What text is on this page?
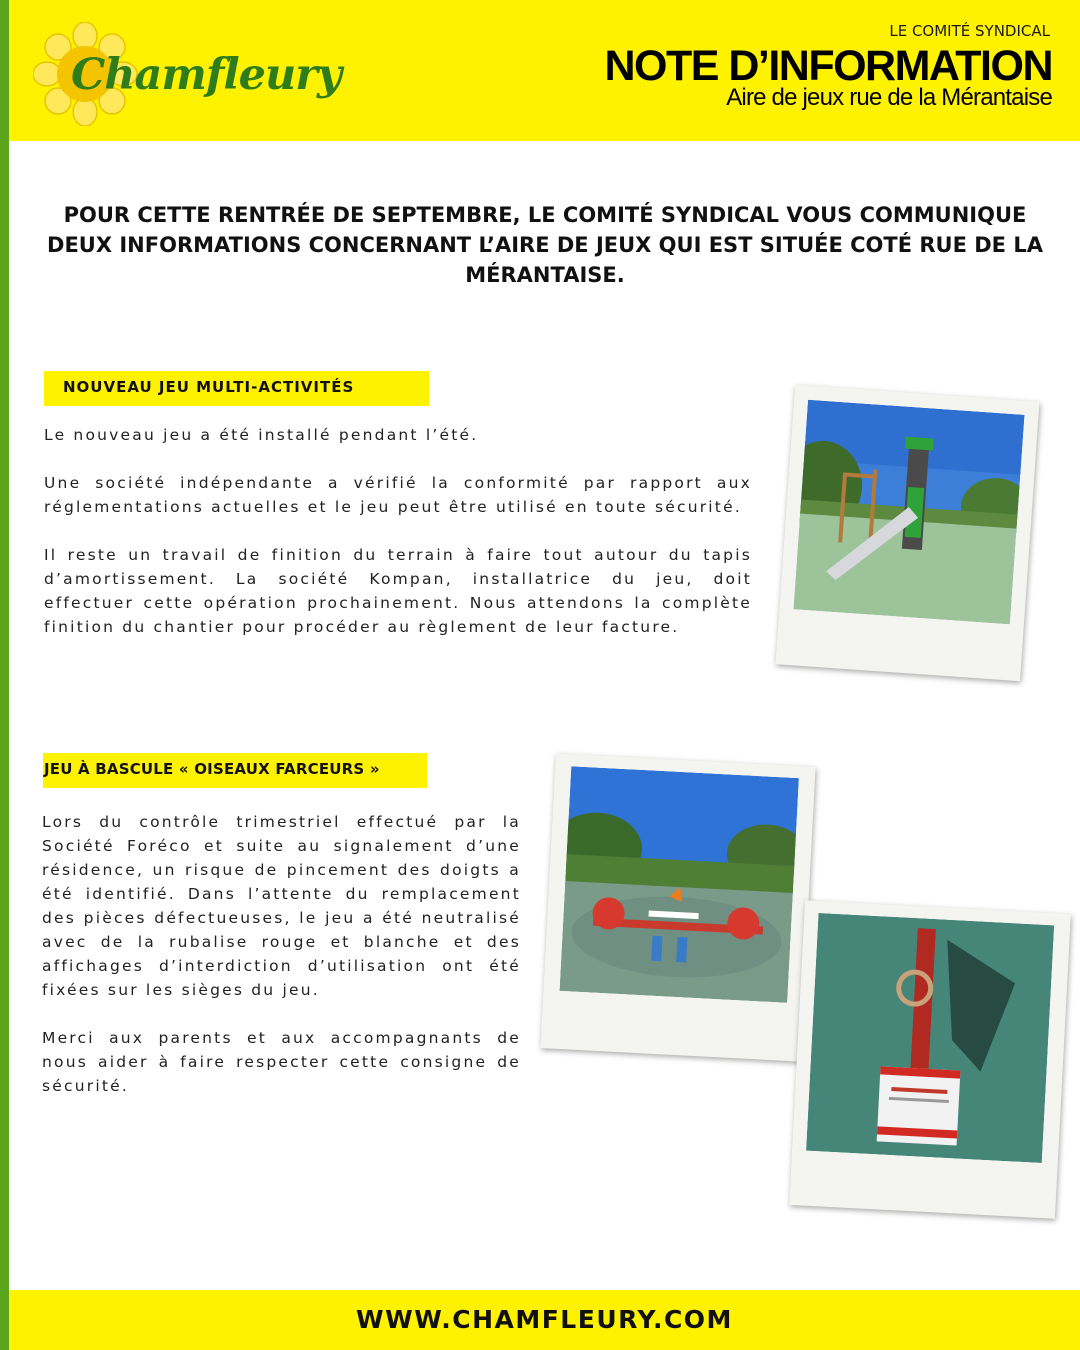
Chamfleury
LE COMITÉ SYNDICAL
NOTE D’INFORMATION
Aire de jeux rue de la Mérantaise
POUR CETTE RENTRÉE DE SEPTEMBRE, LE COMITÉ SYNDICAL VOUS COMMUNIQUE DEUX INFORMATIONS CONCERNANT L’AIRE DE JEUX QUI EST SITUÉE COTÉ RUE DE LA MÉRANTAISE.
NOUVEAU JEU MULTI-ACTIVITÉS

Le nouveau jeu a été installé pendant l’été.

Une société indépendante a vérifié la conformité par rapport aux réglementations actuelles et le jeu peut être utilisé en toute sécurité.

Il reste un travail de finition du terrain à faire tout autour du tapis d’amortissement. La société Kompan, installatrice du jeu, doit effectuer cette opération prochainement. Nous attendons la complète finition du chantier pour procéder au règlement de leur facture.

JEU À BASCULE « OISEAUX FARCEURS »

Lors du contrôle trimestriel effectué par la Société Foréco et suite au signalement d’une résidence, un risque de pincement des doigts a été identifié. Dans l’attente du remplacement des pièces défectueuses, le jeu a été neutralisé avec de la rubalise rouge et blanche et des affichages d’interdiction d’utilisation ont été fixées sur les sièges du jeu.

Merci aux parents et aux accompagnants de nous aider à faire respecter cette consigne de sécurité.

WWW.CHAMFLEURY.COM
